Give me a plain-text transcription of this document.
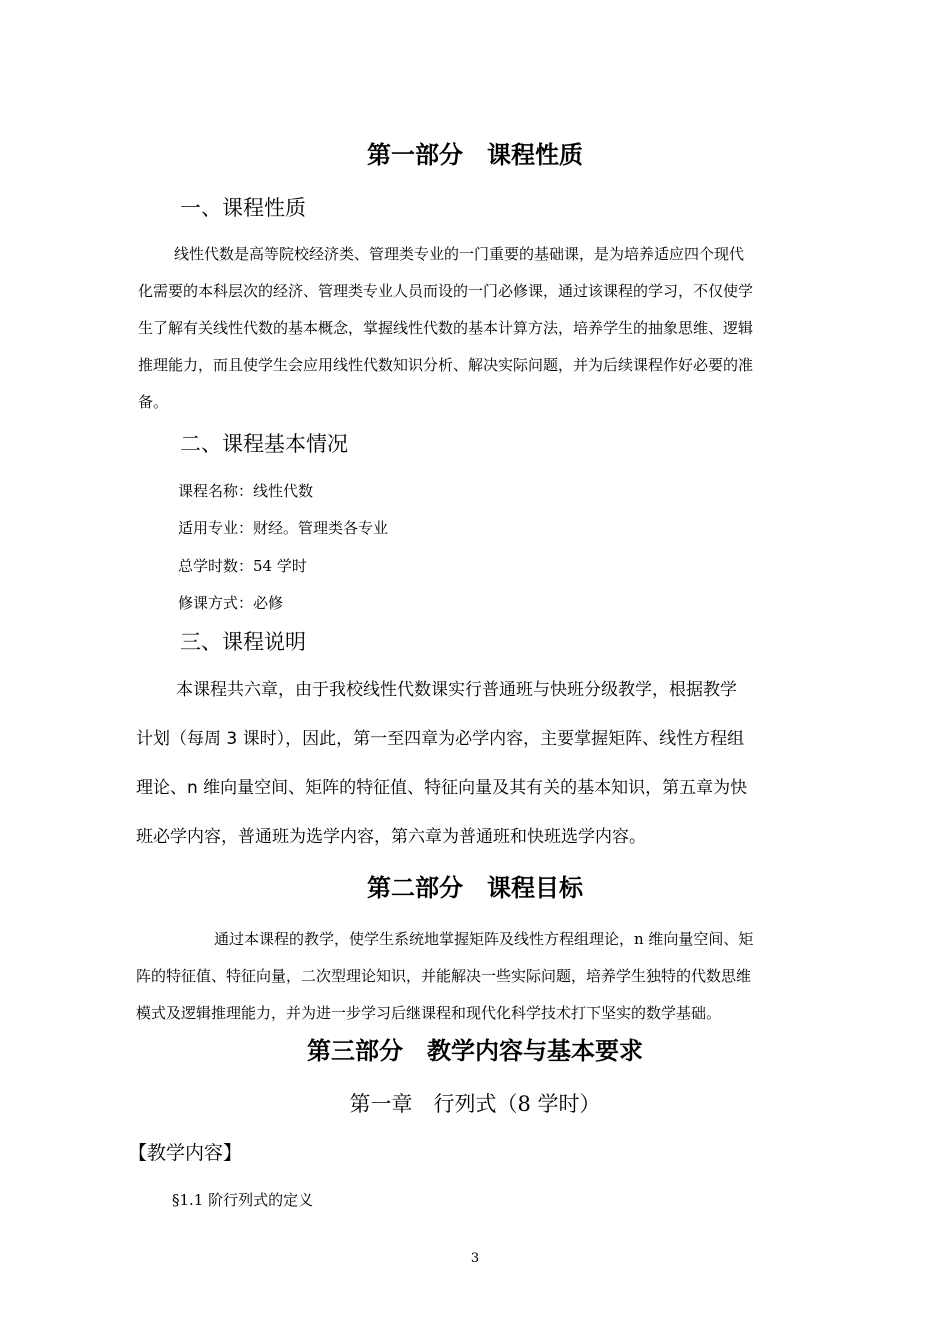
第一部分　课程性质
一、课程性质
线性代数是高等院校经济类、管理类专业的一门重要的基础课，是为培养适应四个现代
化需要的本科层次的经济、管理类专业人员而设的一门必修课，通过该课程的学习，不仅使学
生了解有关线性代数的基本概念，掌握线性代数的基本计算方法，培养学生的抽象思维、逻辑
推理能力，而且使学生会应用线性代数知识分析、解决实际问题，并为后续课程作好必要的准
备。
二、课程基本情况
课程名称：线性代数
适用专业：财经。管理类各专业
总学时数：54 学时
修课方式：必修
三、课程说明
本课程共六章，由于我校线性代数课实行普通班与快班分级教学，根据教学
计划（每周 3 课时），因此，第一至四章为必学内容，主要掌握矩阵、线性方程组
理论、n 维向量空间、矩阵的特征值、特征向量及其有关的基本知识，第五章为快
班必学内容，普通班为选学内容，第六章为普通班和快班选学内容。
第二部分　课程目标
通过本课程的教学，使学生系统地掌握矩阵及线性方程组理论，n 维向量空间、矩
阵的特征值、特征向量，二次型理论知识，并能解决一些实际问题，培养学生独特的代数思维
模式及逻辑推理能力，并为进一步学习后继课程和现代化科学技术打下坚实的数学基础。
第三部分　教学内容与基本要求
第一章　行列式（8 学时）
【教学内容】
§1.1 阶行列式的定义
3
